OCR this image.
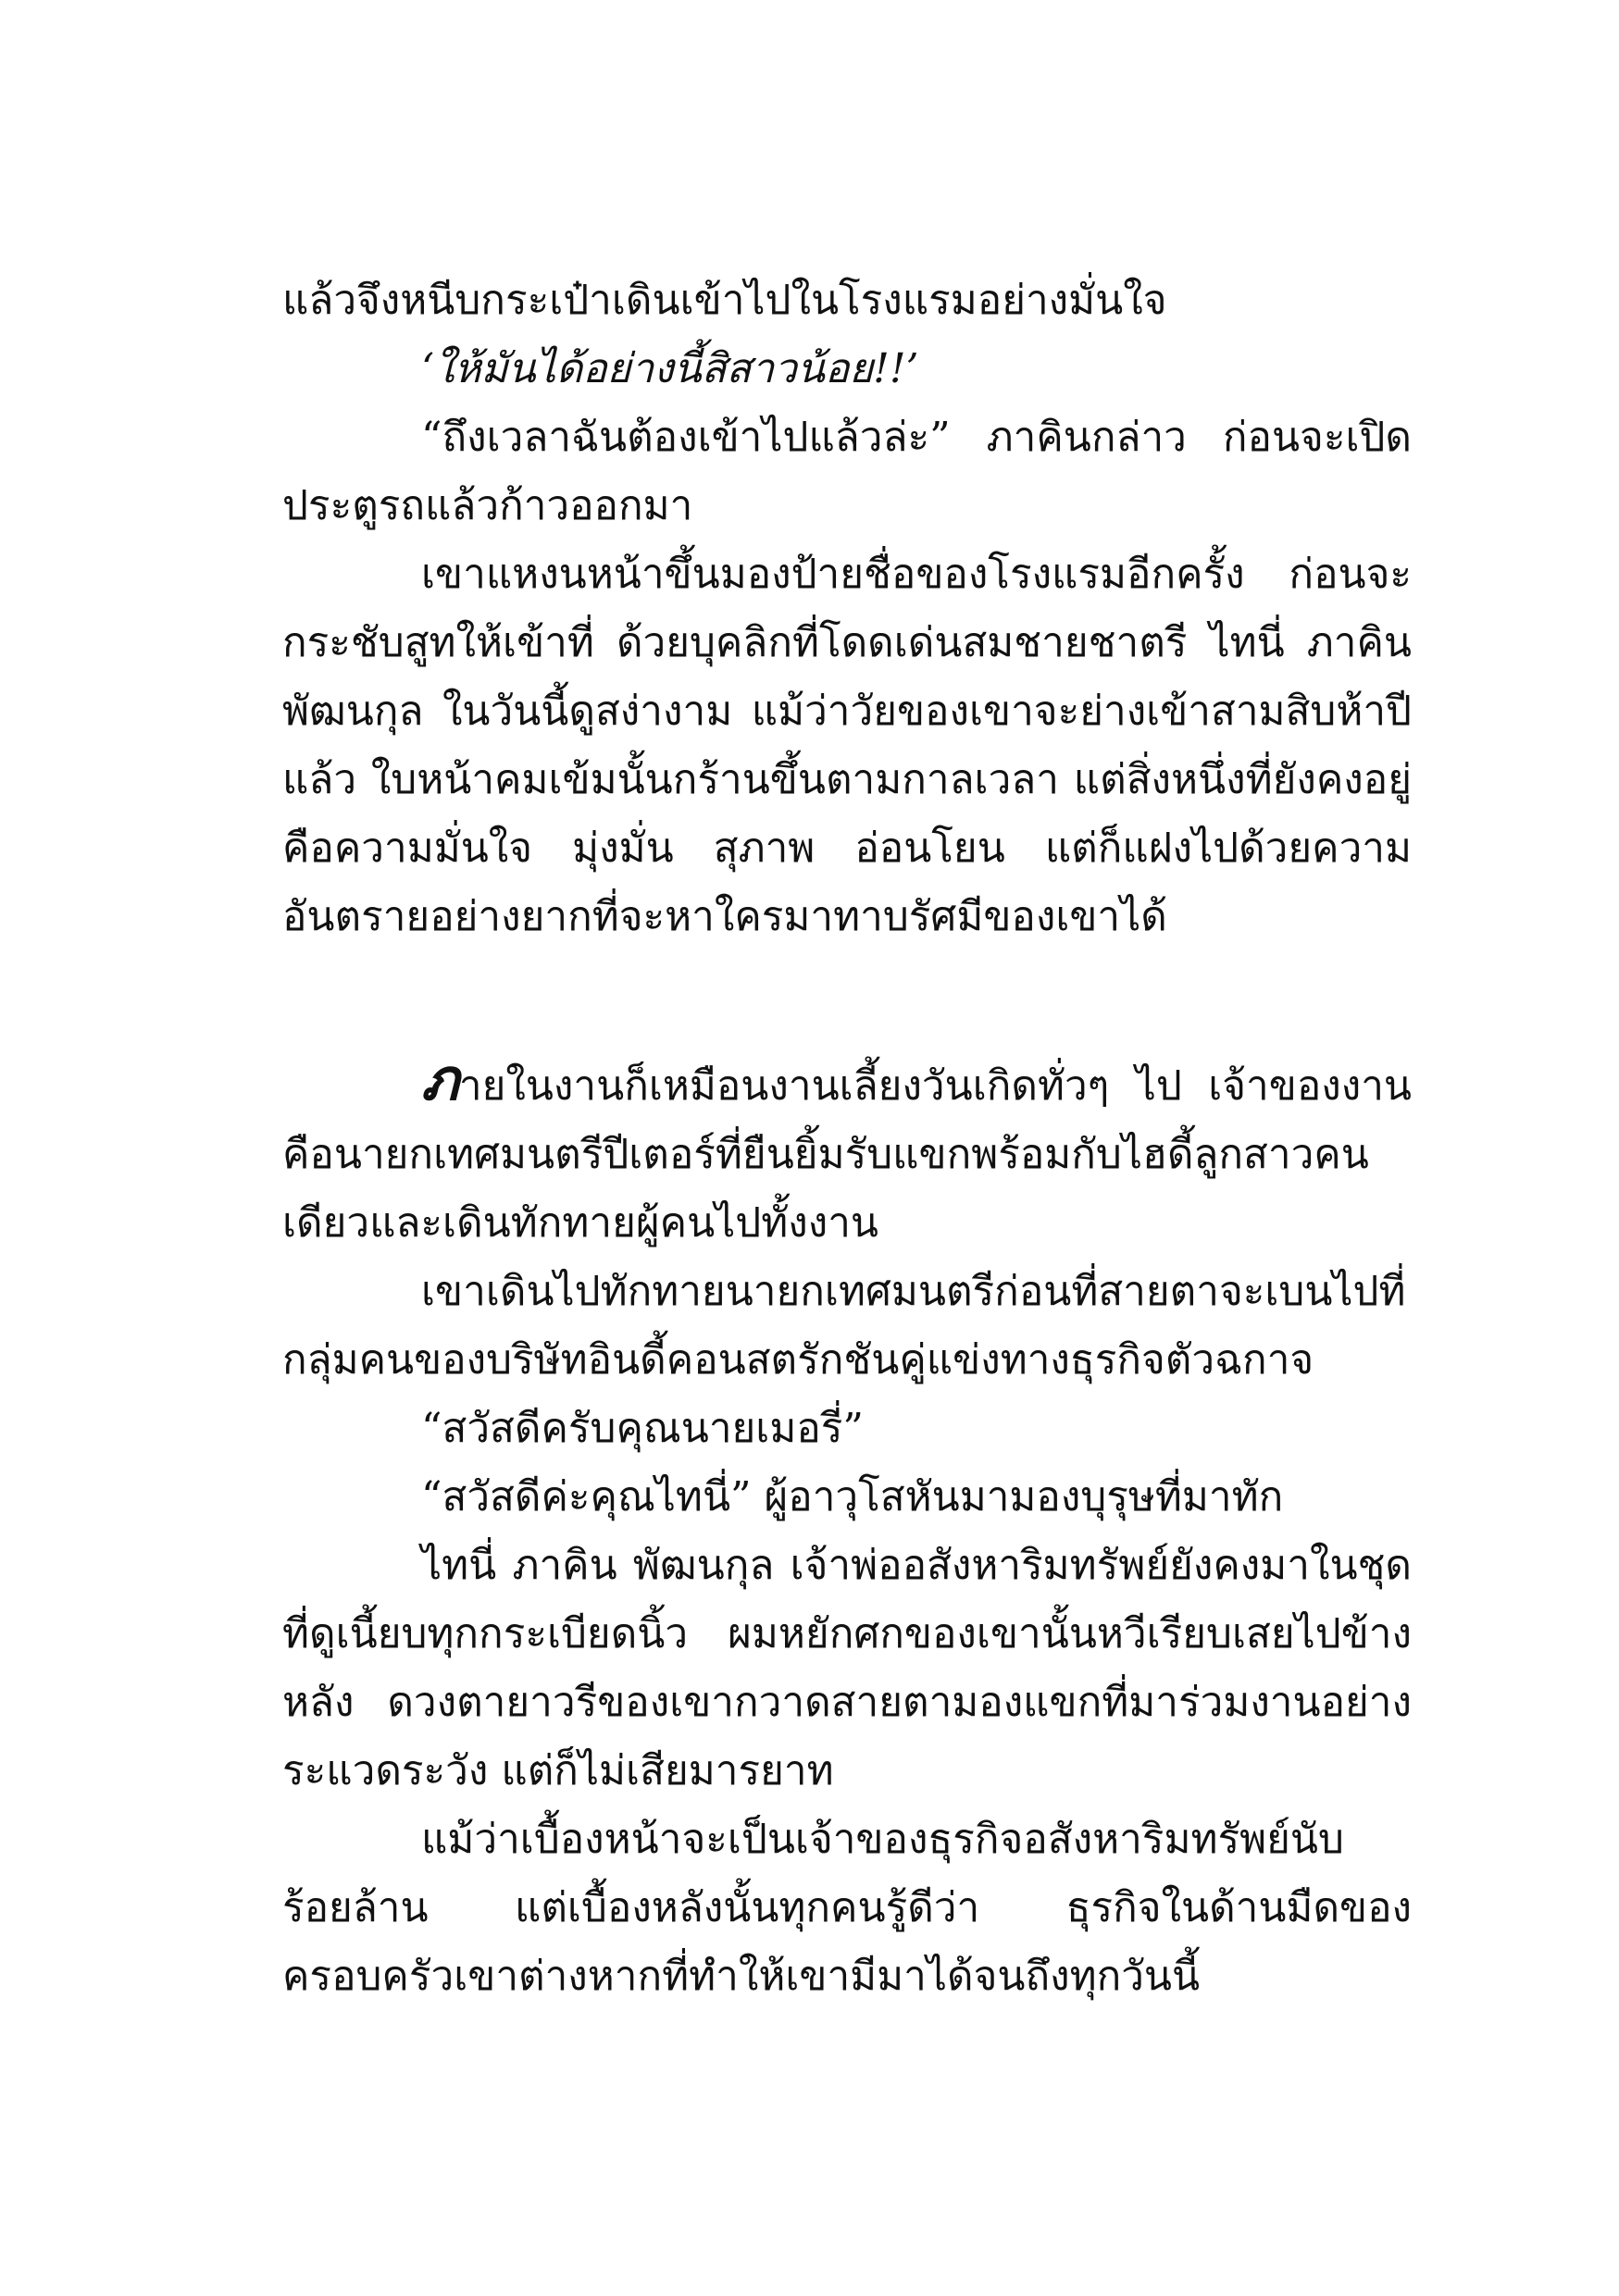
แล้วจึงหนีบกระเป๋าเดินเข้าไปในโรงแรมอย่างมั่นใจ

‘ให้มันได้อย่างนี้สิสาวน้อย!!’

“ถึงเวลาฉันต้องเข้าไปแล้วล่ะ” ภาคินกล่าว ก่อนจะเปิดประตูรถแล้วก้าวออกมา

เขาแหงนหน้าขึ้นมองป้ายชื่อของโรงแรมอีกครั้ง ก่อนจะกระชับสูทให้เข้าที่ ด้วยบุคลิกที่โดดเด่นสมชายชาตรี ไทนี่ ภาคิน พัฒนกุล ในวันนี้ดูสง่างาม แม้ว่าวัยของเขาจะย่างเข้าสามสิบห้าปีแล้ว ใบหน้าคมเข้มนั้นกร้านขึ้นตามกาลเวลา แต่สิ่งหนึ่งที่ยังคงอยู่ คือความมั่นใจ มุ่งมั่น สุภาพ อ่อนโยน แต่ก็แฝงไปด้วยความอันตรายอย่างยากที่จะหาใครมาทาบรัศมีของเขาได้

ภายในงานก็เหมือนงานเลี้ยงวันเกิดทั่วๆ ไป เจ้าของงานคือนายกเทศมนตรีปีเตอร์ที่ยืนยิ้มรับแขกพร้อมกับไฮดี้ลูกสาวคนเดียวและเดินทักทายผู้คนไปทั้งงาน

เขาเดินไปทักทายนายกเทศมนตรีก่อนที่สายตาจะเบนไปที่กลุ่มคนของบริษัทอินดี้คอนสตรักชันคู่แข่งทางธุรกิจตัวฉกาจ

“สวัสดีครับคุณนายเมอรี่”

“สวัสดีค่ะคุณไทนี่” ผู้อาวุโสหันมามองบุรุษที่มาทัก

ไทนี่ ภาคิน พัฒนกุล เจ้าพ่ออสังหาริมทรัพย์ยังคงมาในชุดที่ดูเนี้ยบทุกกระเบียดนิ้ว ผมหยักศกของเขานั้นหวีเรียบเสยไปข้างหลัง ดวงตายาวรีของเขากวาดสายตามองแขกที่มาร่วมงานอย่างระแวดระวัง แต่ก็ไม่เสียมารยาท

แม้ว่าเบื้องหน้าจะเป็นเจ้าของธุรกิจอสังหาริมทรัพย์นับร้อยล้าน แต่เบื้องหลังนั้นทุกคนรู้ดีว่า ธุรกิจในด้านมืดของครอบครัวเขาต่างหากที่ทำให้เขามีมาได้จนถึงทุกวันนี้
